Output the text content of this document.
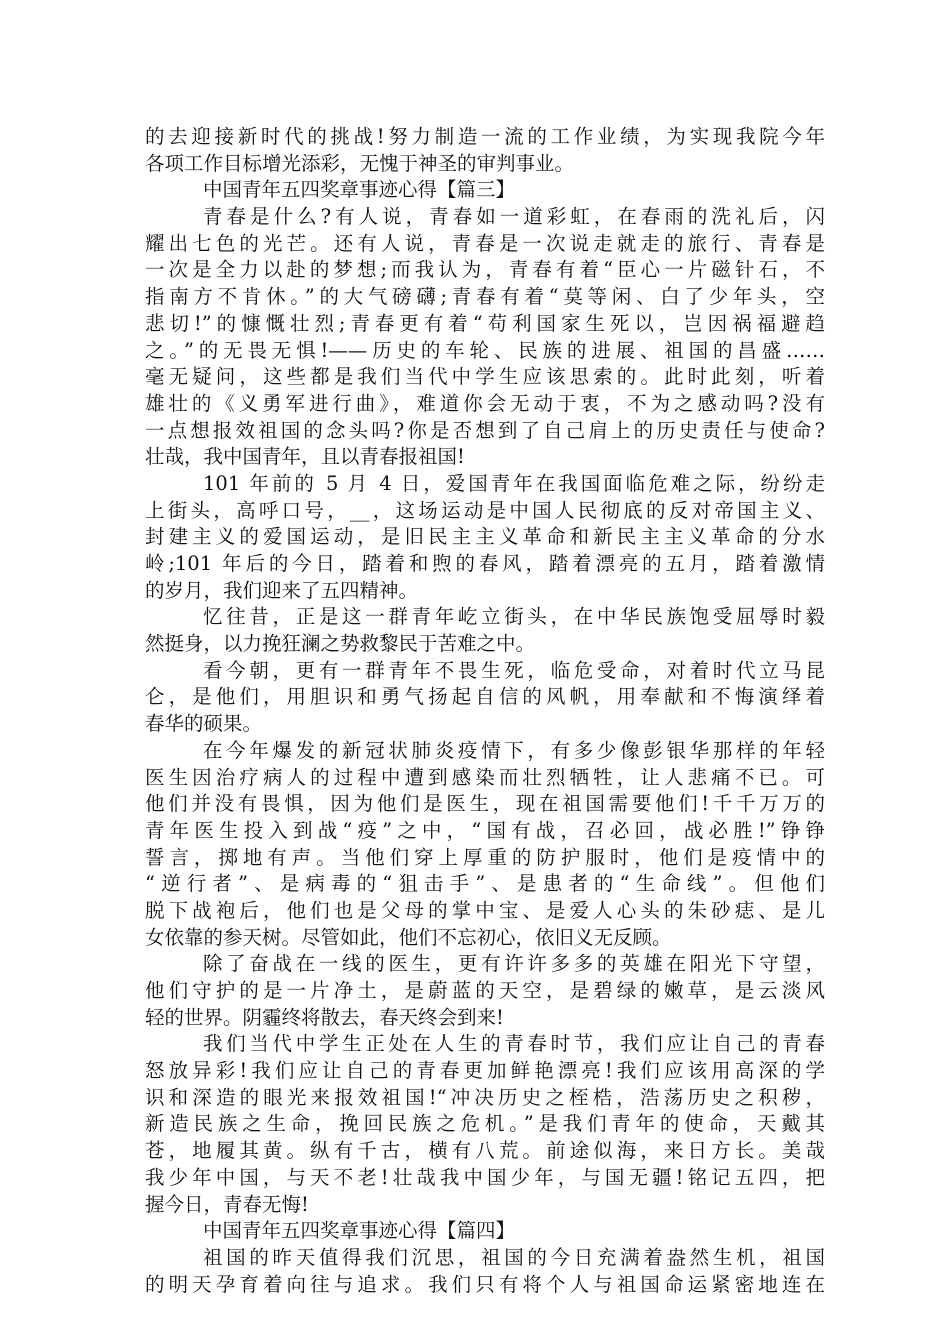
的去迎接新时代的挑战!努力制造一流的工作业绩，为实现我院今年
各项工作目标增光添彩，无愧于神圣的审判事业。
中国青年五四奖章事迹心得【篇三】
青春是什么?有人说，青春如一道彩虹，在春雨的洗礼后，闪
耀出七色的光芒。还有人说，青春是一次说走就走的旅行、青春是
一次是全力以赴的梦想;而我认为，青春有着“臣心一片磁针石，不
指南方不肯休。”的大气磅礴;青春有着“莫等闲、白了少年头，空
悲切!”的慷慨壮烈;青春更有着“苟利国家生死以，岂因祸福避趋
之。”的无畏无惧!——历史的车轮、民族的进展、祖国的昌盛……
毫无疑问，这些都是我们当代中学生应该思索的。此时此刻，听着
雄壮的《义勇军进行曲》，难道你会无动于衷，不为之感动吗?没有
一点想报效祖国的念头吗?你是否想到了自己肩上的历史责任与使命?
壮哉，我中国青年，且以青春报祖国!
101 年前的 5 月 4 日，爱国青年在我国面临危难之际，纷纷走
上街头，高呼口号，__，这场运动是中国人民彻底的反对帝国主义、
封建主义的爱国运动，是旧民主主义革命和新民主主义革命的分水
岭;101 年后的今日，踏着和煦的春风，踏着漂亮的五月，踏着激情
的岁月，我们迎来了五四精神。
忆往昔，正是这一群青年屹立街头，在中华民族饱受屈辱时毅
然挺身，以力挽狂澜之势救黎民于苦难之中。
看今朝，更有一群青年不畏生死，临危受命，对着时代立马昆
仑，是他们，用胆识和勇气扬起自信的风帆，用奉献和不悔演绎着
春华的硕果。
在今年爆发的新冠状肺炎疫情下，有多少像彭银华那样的年轻
医生因治疗病人的过程中遭到感染而壮烈牺牲，让人悲痛不已。可
他们并没有畏惧，因为他们是医生，现在祖国需要他们!千千万万的
青年医生投入到战“疫”之中，“国有战，召必回，战必胜!”铮铮
誓言，掷地有声。当他们穿上厚重的防护服时，他们是疫情中的
“逆行者”、是病毒的“狙击手”、是患者的“生命线”。但他们
脱下战袍后，他们也是父母的掌中宝、是爱人心头的朱砂痣、是儿
女依靠的参天树。尽管如此，他们不忘初心，依旧义无反顾。
除了奋战在一线的医生，更有许许多多的英雄在阳光下守望，
他们守护的是一片净土，是蔚蓝的天空，是碧绿的嫩草，是云淡风
轻的世界。阴霾终将散去，春天终会到来!
我们当代中学生正处在人生的青春时节，我们应让自己的青春
怒放异彩!我们应让自己的青春更加鲜艳漂亮!我们应该用高深的学
识和深造的眼光来报效祖国!“冲决历史之桎梏，浩荡历史之积秽，
新造民族之生命，挽回民族之危机。”是我们青年的使命，天戴其
苍，地履其黄。纵有千古，横有八荒。前途似海，来日方长。美哉
我少年中国，与天不老!壮哉我中国少年，与国无疆!铭记五四，把
握今日，青春无悔!
中国青年五四奖章事迹心得【篇四】
祖国的昨天值得我们沉思，祖国的今日充满着盎然生机，祖国
的明天孕育着向往与追求。我们只有将个人与祖国命运紧密地连在
